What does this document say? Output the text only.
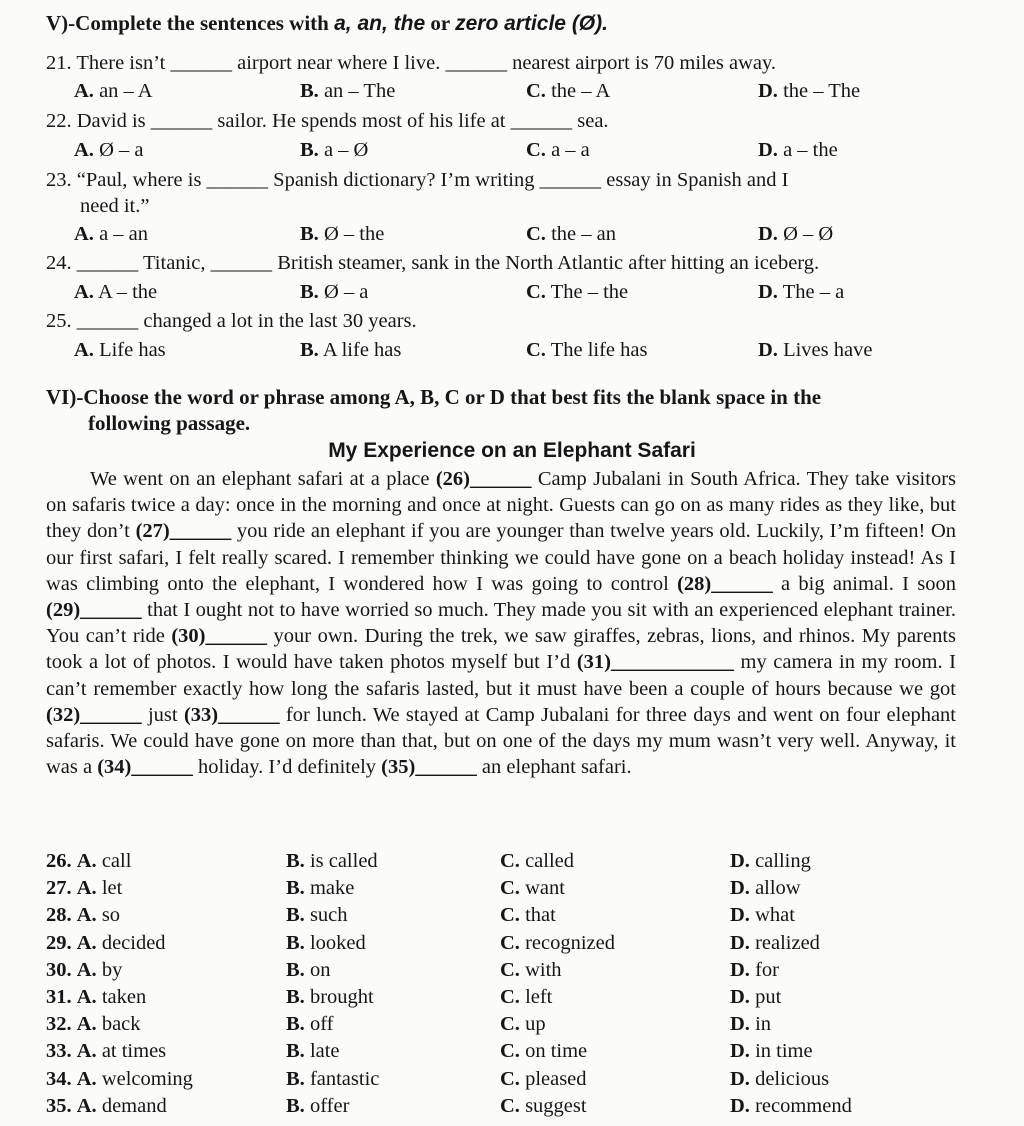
V)-Complete the sentences with a, an, the or zero article (Ø).
21. There isn’t ______ airport near where I live. ______ nearest airport is 70 miles away.
A. an – A	B. an – The	C. the – A	D. the – The
22. David is ______ sailor. He spends most of his life at ______ sea.
A. Ø – a	B. a – Ø	C. a – a	D. a – the
23. “Paul, where is ______ Spanish dictionary? I’m writing ______ essay in Spanish and I
need it.”
A. a – an	B. Ø – the	C. the – an	D. Ø – Ø
24. ______ Titanic, ______ British steamer, sank in the North Atlantic after hitting an iceberg.
A. A – the	B. Ø – a	C. The – the	D. The – a
25. ______ changed a lot in the last 30 years.
A. Life has	B. A life has	C. The life has	D. Lives have
VI)-Choose the word or phrase among A, B, C or D that best fits the blank space in the
following passage.
My Experience on an Elephant Safari
We went on an elephant safari at a place (26)______ Camp Jubalani in South Africa. They take visitors on safaris twice a day: once in the morning and once at night. Guests can go on as many rides as they like, but they don’t (27)______ you ride an elephant if you are younger than twelve years old. Luckily, I’m fifteen! On our first safari, I felt really scared. I remember thinking we could have gone on a beach holiday instead! As I was climbing onto the elephant, I wondered how I was going to control (28)______ a big animal. I soon (29)______ that I ought not to have worried so much. They made you sit with an experienced elephant trainer. You can’t ride (30)______ your own. During the trek, we saw giraffes, zebras, lions, and rhinos. My parents took a lot of photos. I would have taken photos myself but I’d (31)____________ my camera in my room. I can’t remember exactly how long the safaris lasted, but it must have been a couple of hours because we got (32)______ just (33)______ for lunch. We stayed at Camp Jubalani for three days and went on four elephant safaris. We could have gone on more than that, but on one of the days my mum wasn’t very well. Anyway, it was a (34)______ holiday. I’d definitely (35)______ an elephant safari.
26. A. call	B. is called	C. called	D. calling
27. A. let	B. make	C. want	D. allow
28. A. so	B. such	C. that	D. what
29. A. decided	B. looked	C. recognized	D. realized
30. A. by	B. on	C. with	D. for
31. A. taken	B. brought	C. left	D. put
32. A. back	B. off	C. up	D. in
33. A. at times	B. late	C. on time	D. in time
34. A. welcoming	B. fantastic	C. pleased	D. delicious
35. A. demand	B. offer	C. suggest	D. recommend
